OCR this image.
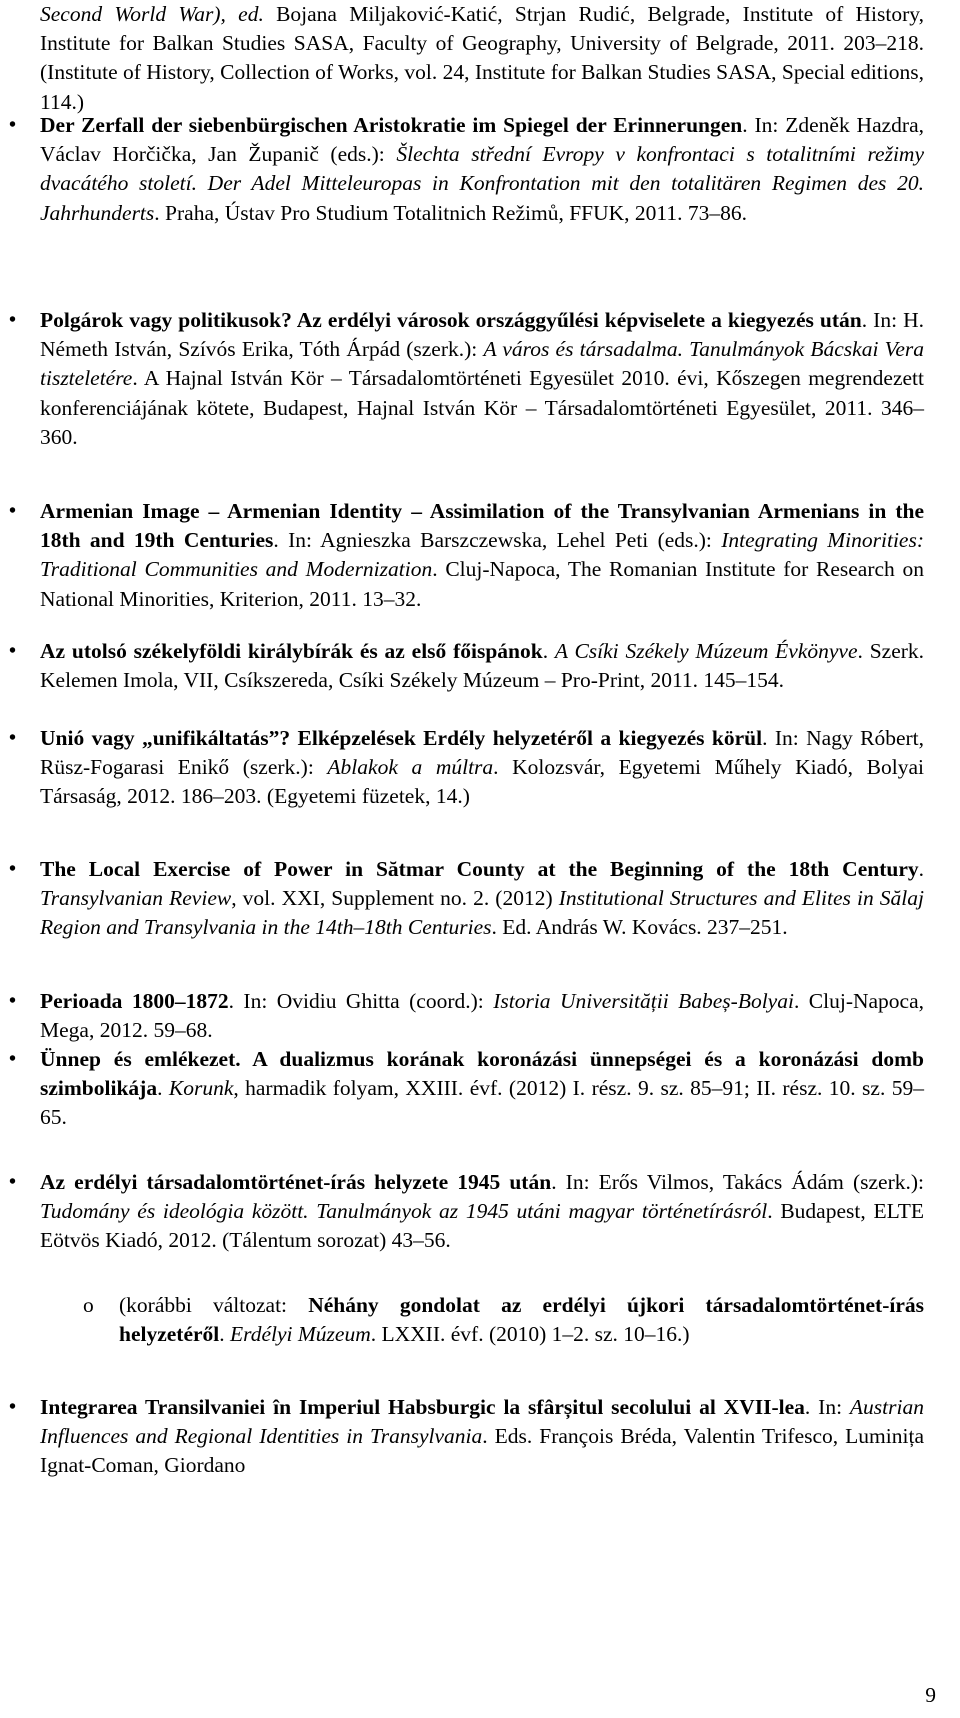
Second World War), ed. Bojana Miljaković-Katić, Strjan Rudić, Belgrade, Institute of History, Institute for Balkan Studies SASA, Faculty of Geography, University of Belgrade, 2011. 203–218. (Institute of History, Collection of Works, vol. 24, Institute for Balkan Studies SASA, Special editions, 114.)
• Der Zerfall der siebenbürgischen Aristokratie im Spiegel der Erinnerungen. In: Zdeněk Hazdra, Václav Horčička, Jan Županič (eds.): Šlechta střední Evropy v konfrontaci s totalitními režimy dvacátého století. Der Adel Mitteleuropas in Konfrontation mit den totalitären Regimen des 20. Jahrhunderts. Praha, Ústav Pro Studium Totalitnich Režimů, FFUK, 2011. 73–86.
• Polgárok vagy politikusok? Az erdélyi városok országgyűlési képviselete a kiegyezés után. In: H. Németh István, Szívós Erika, Tóth Árpád (szerk.): A város és társadalma. Tanulmányok Bácskai Vera tiszteletére. A Hajnal István Kör – Társadalomtörténeti Egyesület 2010. évi, Kőszegen megrendezett konferenciájának kötete, Budapest, Hajnal István Kör – Társadalomtörténeti Egyesület, 2011. 346–360.
• Armenian Image – Armenian Identity – Assimilation of the Transylvanian Armenians in the 18th and 19th Centuries. In: Agnieszka Barszczewska, Lehel Peti (eds.): Integrating Minorities: Traditional Communities and Modernization. Cluj-Napoca, The Romanian Institute for Research on National Minorities, Kriterion, 2011. 13–32.
• Az utolsó székelyföldi királybírák és az első főispánok. A Csíki Székely Múzeum Évkönyve. Szerk. Kelemen Imola, VII, Csíkszereda, Csíki Székely Múzeum – Pro-Print, 2011. 145–154.
• Unió vagy „unifikáltatás”? Elképzelések Erdély helyzetéről a kiegyezés körül. In: Nagy Róbert, Rüsz-Fogarasi Enikő (szerk.): Ablakok a múltra. Kolozsvár, Egyetemi Műhely Kiadó, Bolyai Társaság, 2012. 186–203. (Egyetemi füzetek, 14.)
• The Local Exercise of Power in Sătmar County at the Beginning of the 18th Century. Transylvanian Review, vol. XXI, Supplement no. 2. (2012) Institutional Structures and Elites in Sălaj Region and Transylvania in the 14th–18th Centuries. Ed. András W. Kovács. 237–251.
• Perioada 1800–1872. In: Ovidiu Ghitta (coord.): Istoria Universității Babeș-Bolyai. Cluj-Napoca, Mega, 2012. 59–68.
• Ünnep és emlékezet. A dualizmus korának koronázási ünnepségei és a koronázási domb szimbolikája. Korunk, harmadik folyam, XXIII. évf. (2012) I. rész. 9. sz. 85–91; II. rész. 10. sz. 59–65.
• Az erdélyi társadalomtörténet-írás helyzete 1945 után. In: Erős Vilmos, Takács Ádám (szerk.): Tudomány és ideológia között. Tanulmányok az 1945 utáni magyar történetírásról. Budapest, ELTE Eötvös Kiadó, 2012. (Tálentum sorozat) 43–56.
o (korábbi változat: Néhány gondolat az erdélyi újkori társadalomtörténet-írás helyzetéről. Erdélyi Múzeum. LXXII. évf. (2010) 1–2. sz. 10–16.)
• Integrarea Transilvaniei în Imperiul Habsburgic la sfârșitul secolului al XVII-lea. In: Austrian Influences and Regional Identities in Transylvania. Eds. François Bréda, Valentin Trifesco, Luminița Ignat-Coman, Giordano
9
